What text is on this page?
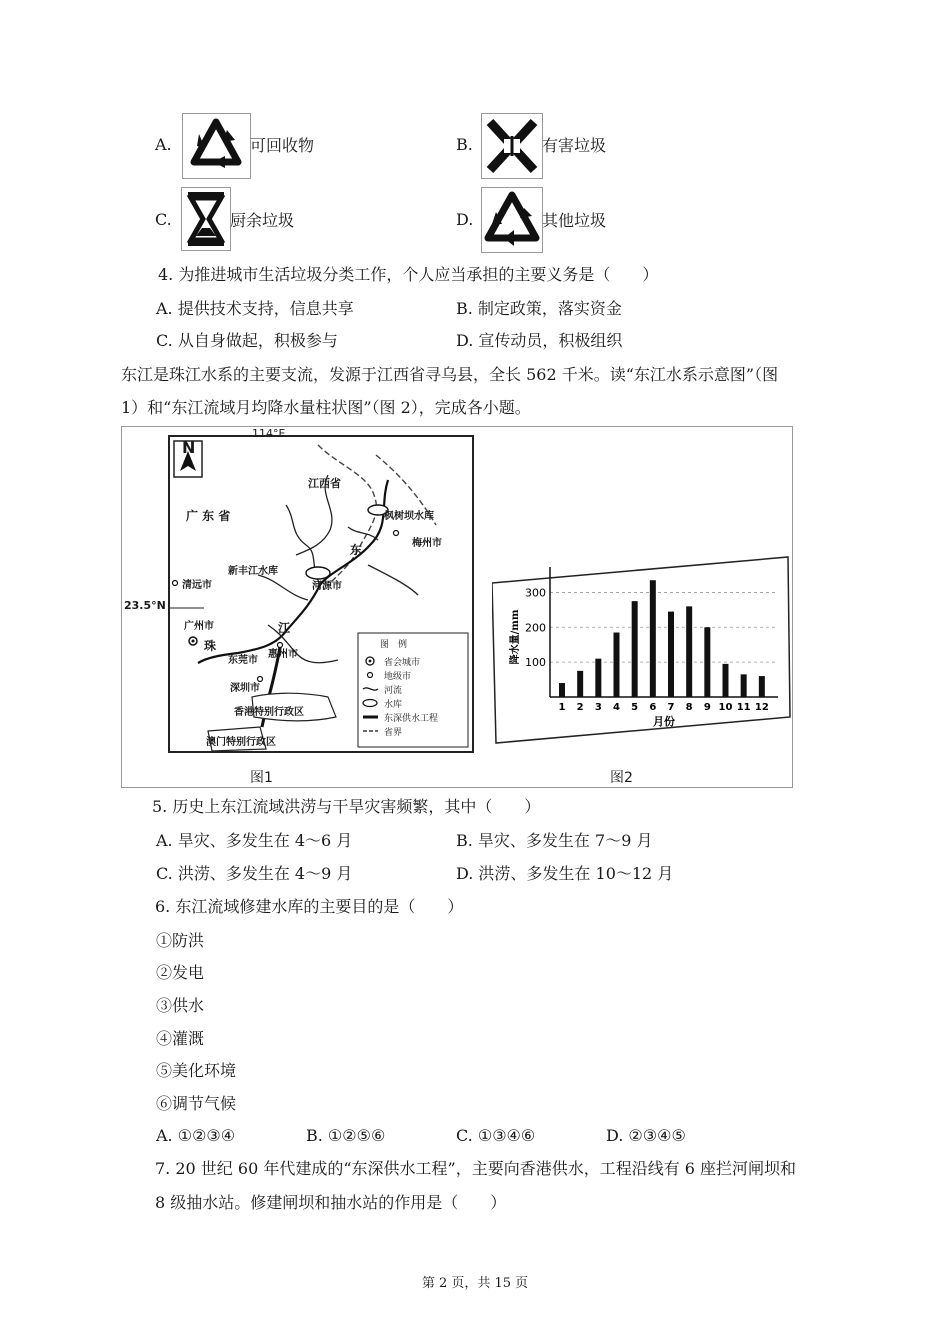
A.	可回收物	B.	有害垃圾
C.	厨余垃圾	D.	其他垃圾
4. 为推进城市生活垃圾分类工作，个人应当承担的主要义务是（　　）
A. 提供技术支持，信息共享	B. 制定政策，落实资金
C. 从自身做起，积极参与	D. 宣传动员，积极组织
东江是珠江水系的主要支流，发源于江西省寻乌县，全长 562 千米。读“东江水系示意图”（图
1）和“东江流域月均降水量柱状图”（图 2），完成各小题。
N
114°E
23.5°N
江西省
广 东 省	枫树坝水库
梅州市
东
新丰江水库
河源市
清远市
广州市	江
珠
东莞市
惠州市
深圳市
香港特别行政区
澳门特别行政区
图　例
省会城市
地级市
河流
水库
东深供水工程
省界
图1
100
200
300
1 2 3 4 5 6 7 8 9 10 11 12
月份
降水量/mm
图2
5. 历史上东江流域洪涝与干旱灾害频繁，其中（　　）
A. 旱灾、多发生在 4～6 月	B. 旱灾、多发生在 7～9 月
C. 洪涝、多发生在 4～9 月	D. 洪涝、多发生在 10～12 月
6. 东江流域修建水库的主要目的是（　　）
①防洪
②发电
③供水
④灌溉
⑤美化环境
⑥调节气候
A. ①②③④	B. ①②⑤⑥	C. ①③④⑥	D. ②③④⑤
7. 20 世纪 60 年代建成的“东深供水工程”，主要向香港供水，工程沿线有 6 座拦河闸坝和
8 级抽水站。修建闸坝和抽水站的作用是（　　）
第 2 页，共 15 页
